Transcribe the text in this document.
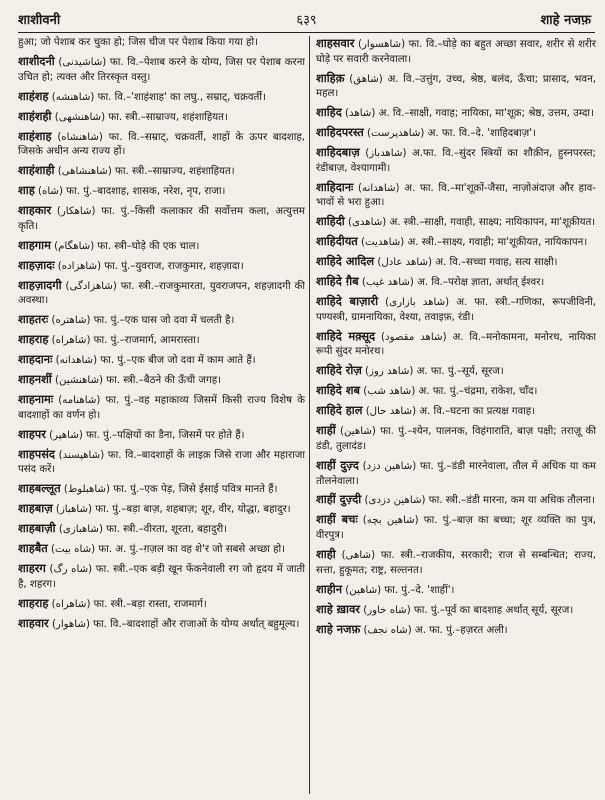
शाशीवनी	६३९	शाहे नजफ़

हुआ; जो पेशाब कर चुका हो; जिस चीज पर पेशाब किया गया हो।

शाशीदनी (شاشیدنی) फा. वि.–पेशाब करने के योग्य, जिस पर पेशाब करना उचित हो; त्यक्त और तिरस्कृत वस्तु।

शाहंशह (شاهنشه) फा. वि.–'शाहंशाह' का लघु., सम्राट्, चक्रवर्ती।

शाहंशही (شاهنشهی) फा. स्त्री.–साम्राज्य, शहंशाहियत।

शाहंशाह (شاهنشاه) फा. वि.–सम्राट्, चक्रवर्ती, शाहों के ऊपर बादशाह, जिसके अधीन अन्य राज्य हों।

शाहंशाही (شاهنشاهی) फा. स्त्री.–साम्राज्य, शहंशाहियत।

शाह (شاه) फा. पुं.–बादशाह, शासक, नरेश, नृप, राजा।

शाहकार (شاهکار) फा. पुं.–किसी कलाकार की सर्वोत्तम कला, अत्युत्तम कृति।

शाहगाम (شاهگام) फा. स्त्री–घोड़े की एक चाल।

शाहज़ादः (شاهزاده) फा. पुं.–युवराज, राजकुमार, शहज़ादा।

शाहज़ादगी (شاهزادگی) फा. स्त्री.–राजकुमारता, युवराजपन, शहज़ादगी की अवस्था।

शाहतरः (شاهتره) फा. पुं.–एक घास जो दवा में चलती है।

शाहराह (شاهراه) फा. पुं.–राजमार्ग, आमरास्ता।

शाहदानः (شاهدانه) फा. पुं.–एक बीज जो दवा में काम आते हैं।

शाहनशीं (شاهنشین) फा. स्त्री.–बैठने की ऊँची जगह।

शाहनामः (شاهنامه) फा. पुं.–वह महाकाव्य जिसमें किसी राज्य विशेष के बादशाहों का वर्णन हो।

शाहपर (شاهپر) फा. पुं.–पक्षियों का डैना, जिसमें पर होते हैं।

शाहपसंद (شاهپسند) फा. वि.–बादशाहों के लाइक़ जिसे राजा और महाराजा पसंद करें।

शाहबल्लूत (شاهبلوط) फा. पुं.–एक पेड़, जिसे ईसाई पवित्र मानते हैं।

शाहबाज़ (شاهباز) फा. पुं.–बड़ा बाज़, शहबाज़; शूर, वीर, योद्धा, बहादुर।

शाहबाज़ी (شاهبازی) फा. स्त्री.–वीरता, शूरता, बहादुरी।

शाहबैत (شاه بیت) फा. अ. पुं.–ग़ज़ल का वह शे'र जो सबसे अच्छा हो।

शाहरग (شاه رگ) फा. स्त्री.–एक बड़ी खून फेंकनेवाली रग जो हृदय में जाती है, शहरग।

शाहराह (شاهراه) फा. स्त्री.–बड़ा रास्ता, राजमार्ग।

शाहवार (شاهوار) फा. वि.–बादशाहों और राजाओं के योग्य अर्थात् बहुमूल्य।

शाहसवार (شاهسوار) फा. वि.–घोड़े का बहुत अच्छा सवार, शरीर से शरीर घोड़े पर सवारी करनेवाला।

शाहिक़ (شاهق) अ. वि.–उत्तुंग, उच्च, श्रेष्ठ, बलंद, ऊँचा; प्रासाद, भवन, महल।

शाहिद (شاهد) अ. वि.–साक्षी, गवाह; नायिका, मा'शूक़; श्रेष्ठ, उत्तम, उम्दा।

शाहिदपरस्त (شاهدپرست) अ. फा. वि.–दे. 'शाहिदबाज़'।

शाहिदबाज़ (شاهدباز) अ.फा. वि.–सुंदर स्त्रियों का शौक़ीन, हुस्नपरस्त; रंडीबाज़, वेश्यागामी।

शाहिदानः (شاهدانه) अ. फा. वि.–मा'शूक़ों-जैसा, नाज़ोअंदाज़ और हाव-भावों से भरा हुआ।

शाहिदी (شاهدی) अ. स्त्री.–साक्षी, गवाही, साक्ष्य; नायिकापन, मा'शूक़ीयत।

शाहिदीयत (شاهدیت) अ. स्त्री.–साक्ष्य, गवाही; मा'शूक़ीयत, नायिकापन।

शाहिदे आदिल (شاهد عادل) अ. वि.–सच्चा गवाह, सत्य साक्षी।

शाहिदे ग़ैब (شاهد غیب) अ. वि.–परोक्ष ज्ञाता, अर्थात् ईश्वर।

शाहिदे बाज़ारी (شاهد بازاری) अ. फा. स्त्री.–गणिका, रूपजीविनी, पण्यस्त्री, ग्रामनायिका, वेश्या, तवाइफ़, रंडी।

शाहिदे मक़्सूद (شاهد مقصود) अ. वि.–मनोकामना, मनोरथ, नायिका रूपी सुंदर मनोरथ।

शाहिदे रोज़ (شاهد روز) अ. फा. पुं.–सूर्य, सूरज।

शाहिदे शब (شاهد شب) अ. फा. पुं.–चंद्रमा, राकेश, चाँद।

शाहिदे हाल (شاهد حال) अ. वि.–घटना का प्रत्यक्ष गवाह।

शाहीं (شاهین) फा. पुं.–श्येन, पालनक, विहंगाराति, बाज़ पक्षी; तराज़ू की डंडी, तुलादंड।

शाहीं दुज़्द (شاهین دزد) फा. पुं.–डंडी मारनेवाला, तौल में अधिक या कम तौलनेवाला।

शाहीं दुज़्दी (شاهین دزدی) फा. स्त्री.–डंडी मारना, कम या अधिक तौलना।

शाहीं बचः (شاهین بچه) फा. पुं.–बाज़ का बच्चा; शूर व्यक्ति का पुत्र, वीरपुत्र।

शाही (شاهی) फा. स्त्री.–राजकीय, सरकारी; राज से सम्बन्धित; राज्य, सत्ता, हुकूमत; राष्ट्र, सल्तनत।

शाहीन (شاهین) फा. पुं.–दे. 'शाहीं'।

शाहे ख़ावर (شاه خاور) फा. पुं.–पूर्व का बादशाह अर्थात् सूर्य, सूरज।

शाहे नजफ़ (شاه نجف) अ. फा. पुं.–हज़रत अली।
